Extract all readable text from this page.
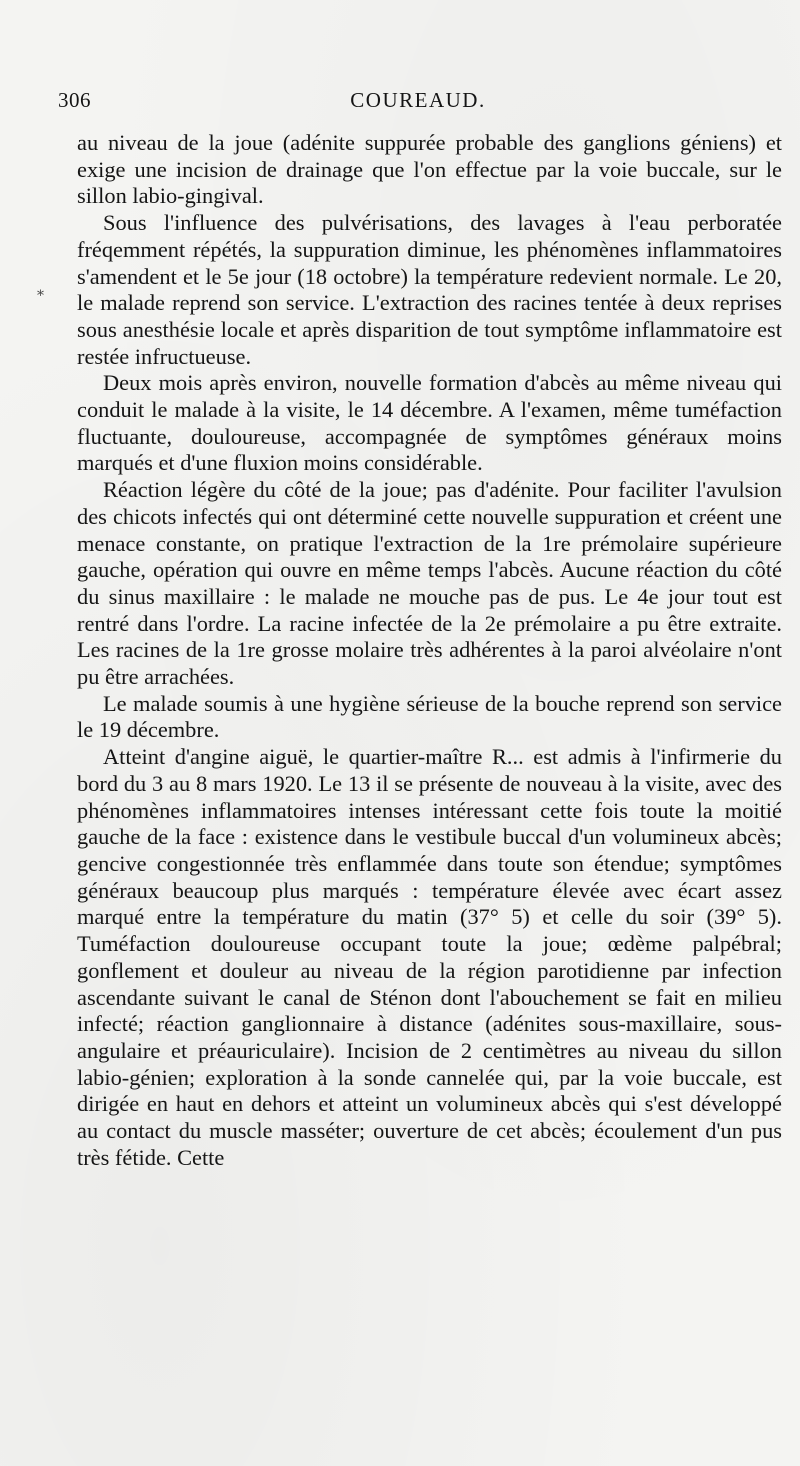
306	COUREAUD.
*

au niveau de la joue (adénite suppurée probable des ganglions géniens) et exige une incision de drainage que l'on effectue par la voie buccale, sur le sillon labio-gingival.

Sous l'influence des pulvérisations, des lavages à l'eau perboratée fréqemment répétés, la suppuration diminue, les phénomènes inflammatoires s'amendent et le 5e jour (18 octobre) la température redevient normale. Le 20, le malade reprend son service. L'extraction des racines tentée à deux reprises sous anesthésie locale et après disparition de tout symptôme inflammatoire est restée infructueuse.

Deux mois après environ, nouvelle formation d'abcès au même niveau qui conduit le malade à la visite, le 14 décembre. A l'examen, même tuméfaction fluctuante, douloureuse, accompagnée de symptômes généraux moins marqués et d'une fluxion moins considérable.

Réaction légère du côté de la joue; pas d'adénite. Pour faciliter l'avulsion des chicots infectés qui ont déterminé cette nouvelle suppuration et créent une menace constante, on pratique l'extraction de la 1re prémolaire supérieure gauche, opération qui ouvre en même temps l'abcès. Aucune réaction du côté du sinus maxillaire : le malade ne mouche pas de pus. Le 4e jour tout est rentré dans l'ordre. La racine infectée de la 2e prémolaire a pu être extraite. Les racines de la 1re grosse molaire très adhérentes à la paroi alvéolaire n'ont pu être arrachées.

Le malade soumis à une hygiène sérieuse de la bouche reprend son service le 19 décembre.

Atteint d'angine aiguë, le quartier-maître R... est admis à l'infirmerie du bord du 3 au 8 mars 1920. Le 13 il se présente de nouveau à la visite, avec des phénomènes inflammatoires intenses intéressant cette fois toute la moitié gauche de la face : existence dans le vestibule buccal d'un volumineux abcès; gencive congestionnée très enflammée dans toute son étendue; symptômes généraux beaucoup plus marqués : température élevée avec écart assez marqué entre la température du matin (37° 5) et celle du soir (39° 5). Tuméfaction douloureuse occupant toute la joue; œdème palpébral; gonflement et douleur au niveau de la région parotidienne par infection ascendante suivant le canal de Sténon dont l'abouchement se fait en milieu infecté; réaction ganglionnaire à distance (adénites sous-maxillaire, sous-angulaire et préauriculaire). Incision de 2 centimètres au niveau du sillon labio-génien; exploration à la sonde cannelée qui, par la voie buccale, est dirigée en haut en dehors et atteint un volumineux abcès qui s'est développé au contact du muscle masséter; ouverture de cet abcès; écoulement d'un pus très fétide. Cette
